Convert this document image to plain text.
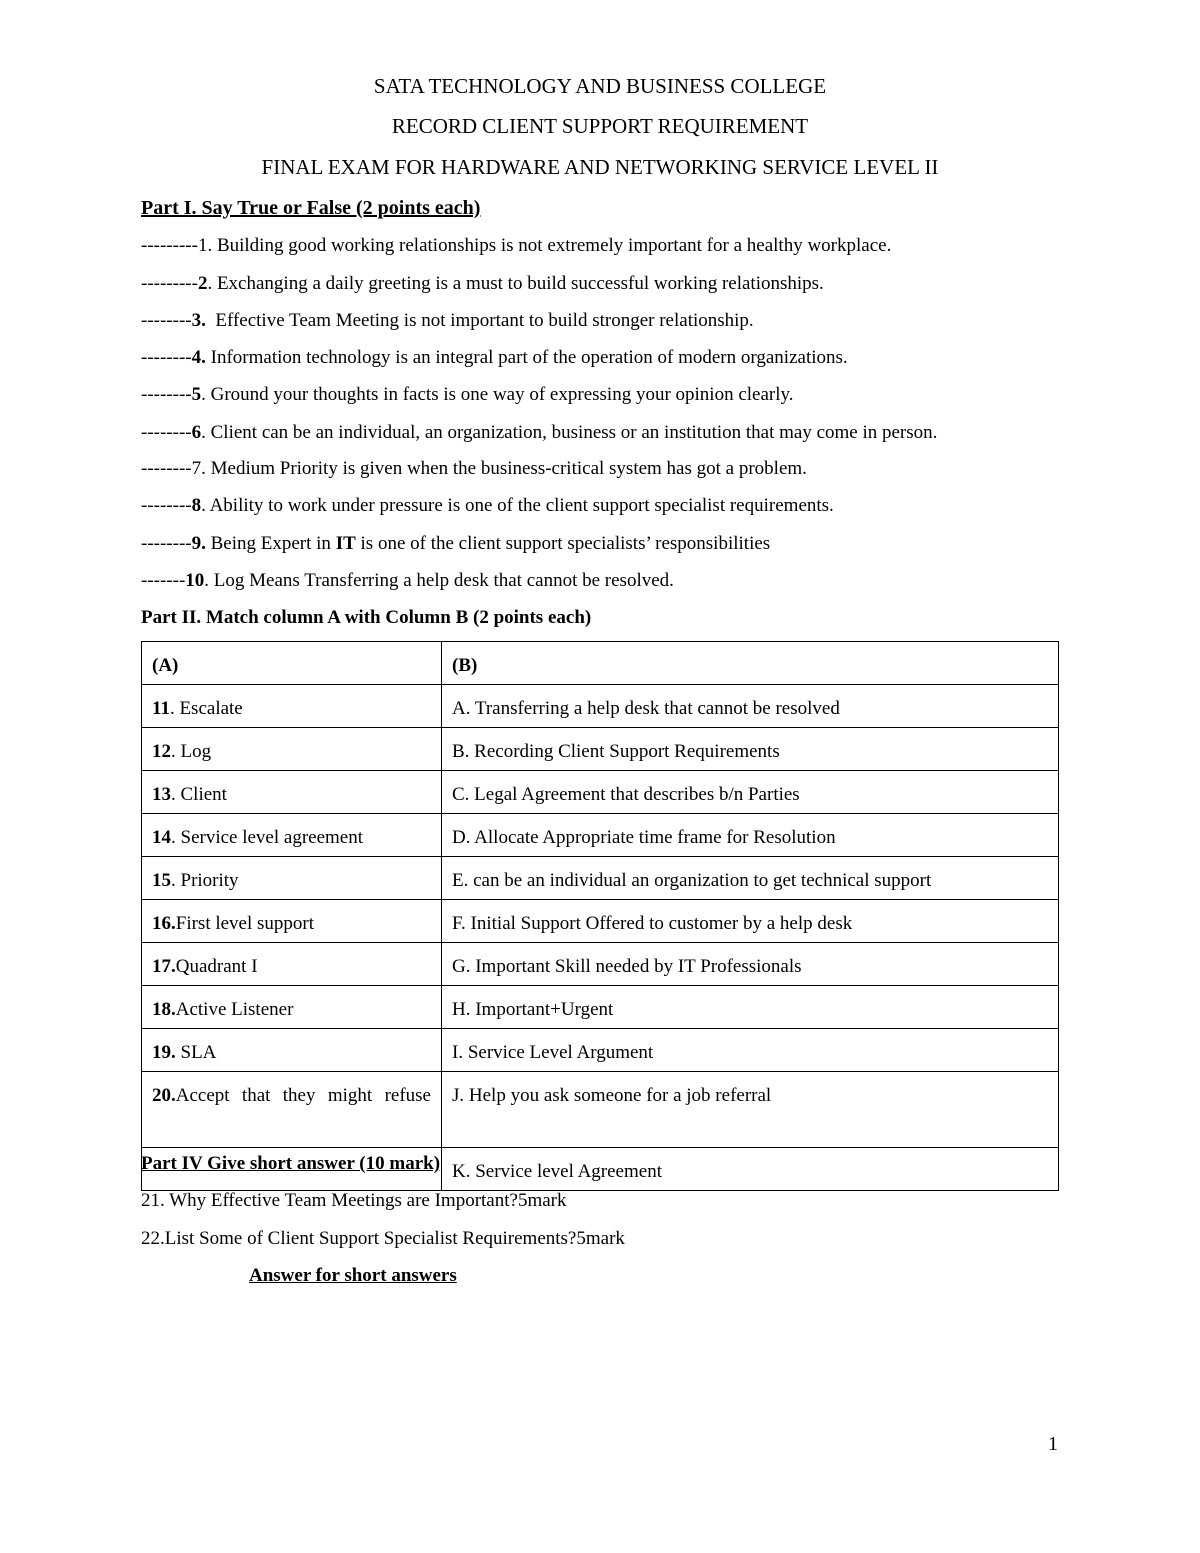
SATA TECHNOLOGY AND BUSINESS COLLEGE
RECORD CLIENT SUPPORT REQUIREMENT
FINAL EXAM FOR HARDWARE AND NETWORKING SERVICE LEVEL II
Part I. Say True or False (2 points each)
---------1. Building good working relationships is not extremely important for a healthy workplace.
---------2. Exchanging a daily greeting is a must to build successful working relationships.
--------3.  Effective Team Meeting is not important to build stronger relationship.
--------4. Information technology is an integral part of the operation of modern organizations.
--------5. Ground your thoughts in facts is one way of expressing your opinion clearly.
--------6. Client can be an individual, an organization, business or an institution that may come in person.
--------7. Medium Priority is given when the business-critical system has got a problem.
--------8. Ability to work under pressure is one of the client support specialist requirements.
--------9. Being Expert in IT is one of the client support specialists’ responsibilities
-------10. Log Means Transferring a help desk that cannot be resolved.
Part II. Match column A with Column B (2 points each)
(A)	(B)
11. Escalate	A. Transferring a help desk that cannot be resolved
12. Log	B. Recording Client Support Requirements
13. Client	C. Legal Agreement that describes b/n Parties
14. Service level agreement	D. Allocate Appropriate time frame for Resolution
15. Priority	E. can be an individual an organization to get technical support
16.First level support	F. Initial Support Offered to customer by a help desk
17.Quadrant I	G. Important Skill needed by IT Professionals
18.Active Listener	H. Important+Urgent
19. SLA	I. Service Level Argument
20.Accept that they might refuse	J. Help you ask someone for a job referral
	K. Service level Agreement
Part IV Give short answer (10 mark)
21. Why Effective Team Meetings are Important?5mark
22.List Some of Client Support Specialist Requirements?5mark
Answer for short answers
1
